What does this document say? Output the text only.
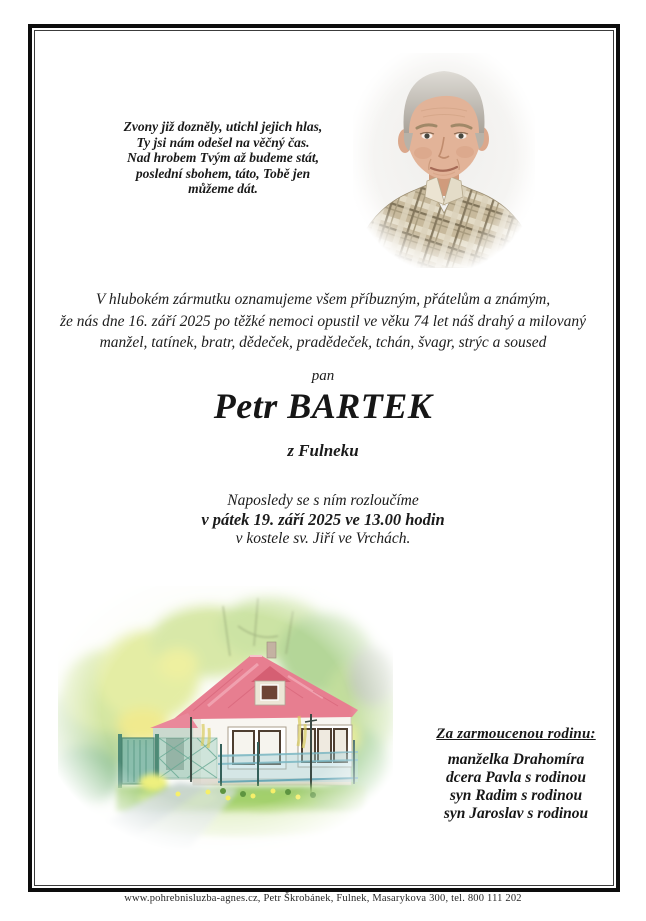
Zvony již dozněly, utichl jejich hlas,
Ty jsi nám odešel na věčný čas.
Nad hrobem Tvým až budeme stát,
poslední sbohem, táto, Tobě jen
můžeme dát.
V hlubokém zármutku oznamujeme všem příbuzným, přátelům a známým,
že nás dne 16. září 2025 po těžké nemoci opustil ve věku 74 let náš drahý a milovaný
manžel, tatínek, bratr, dědeček, pradědeček, tchán, švagr, strýc a soused
pan
Petr BARTEK
z Fulneku
Naposledy se s ním rozloučíme
v pátek 19. září 2025 ve 13.00 hodin
v kostele sv. Jiří ve Vrchách.
Za zarmoucenou rodinu:
manželka Drahomíra
dcera Pavla s rodinou
syn Radim s rodinou
syn Jaroslav s rodinou
www.pohrebnisluzba-agnes.cz, Petr Škrobánek, Fulnek, Masarykova 300, tel. 800 111 202
